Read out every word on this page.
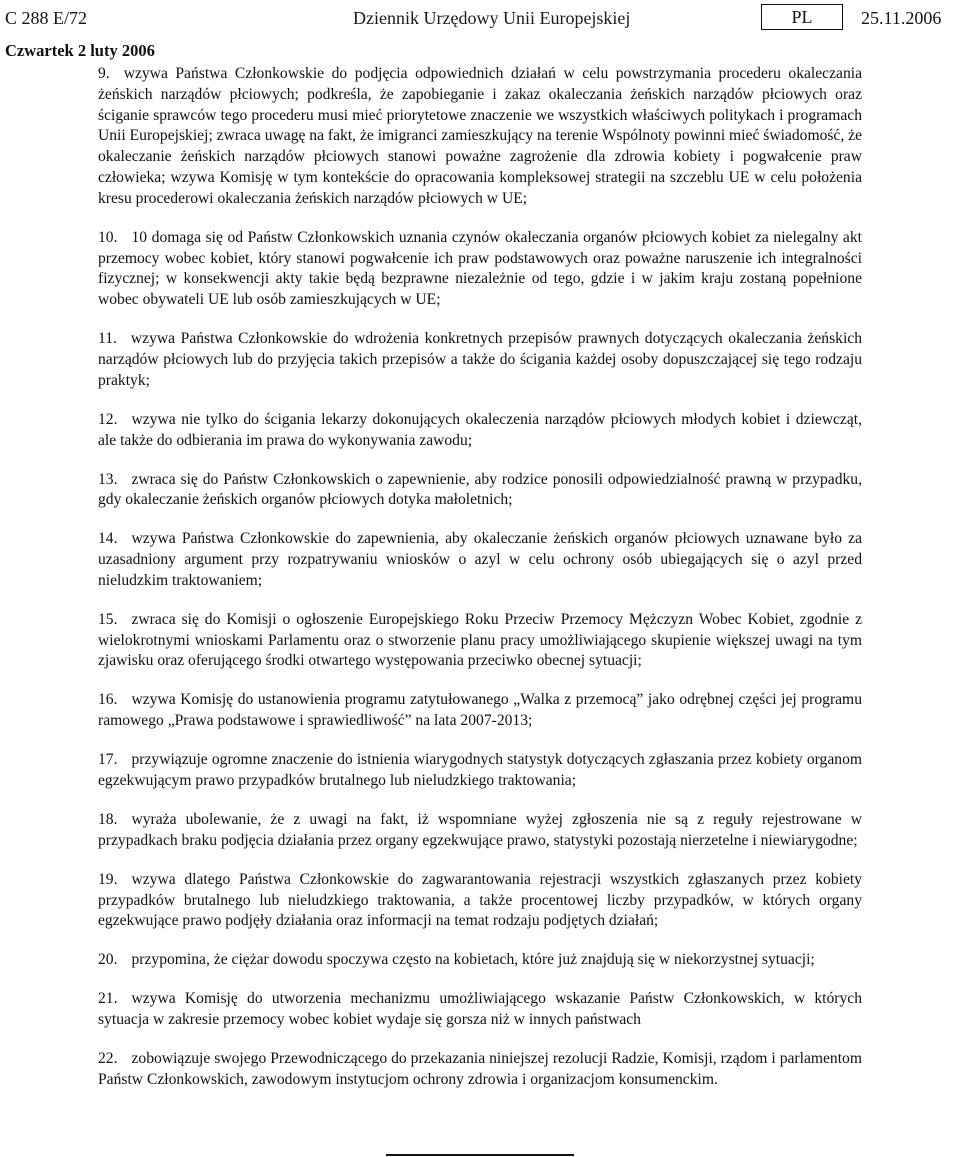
C 288 E/72	Dziennik Urzędowy Unii Europejskiej	PL	25.11.2006

Czwartek 2 luty 2006

9. wzywa Państwa Członkowskie do podjęcia odpowiednich działań w celu powstrzymania procederu okaleczania żeńskich narządów płciowych; podkreśla, że zapobieganie i zakaz okaleczania żeńskich narządów płciowych oraz ściganie sprawców tego procederu musi mieć priorytetowe znaczenie we wszystkich właściwych politykach i programach Unii Europejskiej; zwraca uwagę na fakt, że imigranci zamieszkujący na terenie Wspólnoty powinni mieć świadomość, że okaleczanie żeńskich narządów płciowych stanowi poważne zagrożenie dla zdrowia kobiety i pogwałcenie praw człowieka; wzywa Komisję w tym kontekście do opracowania kompleksowej strategii na szczeblu UE w celu położenia kresu procederowi okaleczania żeńskich narządów płciowych w UE;

10. 10 domaga się od Państw Członkowskich uznania czynów okaleczania organów płciowych kobiet za nielegalny akt przemocy wobec kobiet, który stanowi pogwałcenie ich praw podstawowych oraz poważne naruszenie ich integralności fizycznej; w konsekwencji akty takie będą bezprawne niezależnie od tego, gdzie i w jakim kraju zostaną popełnione wobec obywateli UE lub osób zamieszkujących w UE;

11. wzywa Państwa Członkowskie do wdrożenia konkretnych przepisów prawnych dotyczących okaleczania żeńskich narządów płciowych lub do przyjęcia takich przepisów a także do ścigania każdej osoby dopuszczającej się tego rodzaju praktyk;

12. wzywa nie tylko do ścigania lekarzy dokonujących okaleczenia narządów płciowych młodych kobiet i dziewcząt, ale także do odbierania im prawa do wykonywania zawodu;

13. zwraca się do Państw Członkowskich o zapewnienie, aby rodzice ponosili odpowiedzialność prawną w przypadku, gdy okaleczanie żeńskich organów płciowych dotyka małoletnich;

14. wzywa Państwa Członkowskie do zapewnienia, aby okaleczanie żeńskich organów płciowych uznawane było za uzasadniony argument przy rozpatrywaniu wniosków o azyl w celu ochrony osób ubiegających się o azyl przed nieludzkim traktowaniem;

15. zwraca się do Komisji o ogłoszenie Europejskiego Roku Przeciw Przemocy Mężczyzn Wobec Kobiet, zgodnie z wielokrotnymi wnioskami Parlamentu oraz o stworzenie planu pracy umożliwiającego skupienie większej uwagi na tym zjawisku oraz oferującego środki otwartego występowania przeciwko obecnej sytuacji;

16. wzywa Komisję do ustanowienia programu zatytułowanego „Walka z przemocą” jako odrębnej części jej programu ramowego „Prawa podstawowe i sprawiedliwość” na lata 2007-2013;

17. przywiązuje ogromne znaczenie do istnienia wiarygodnych statystyk dotyczących zgłaszania przez kobiety organom egzekwującym prawo przypadków brutalnego lub nieludzkiego traktowania;

18. wyraża ubolewanie, że z uwagi na fakt, iż wspomniane wyżej zgłoszenia nie są z reguły rejestrowane w przypadkach braku podjęcia działania przez organy egzekwujące prawo, statystyki pozostają nierzetelne i niewiarygodne;

19. wzywa dlatego Państwa Członkowskie do zagwarantowania rejestracji wszystkich zgłaszanych przez kobiety przypadków brutalnego lub nieludzkiego traktowania, a także procentowej liczby przypadków, w których organy egzekwujące prawo podjęły działania oraz informacji na temat rodzaju podjętych działań;

20. przypomina, że ciężar dowodu spoczywa często na kobietach, które już znajdują się w niekorzystnej sytuacji;

21. wzywa Komisję do utworzenia mechanizmu umożliwiającego wskazanie Państw Członkowskich, w których sytuacja w zakresie przemocy wobec kobiet wydaje się gorsza niż w innych państwach

22. zobowiązuje swojego Przewodniczącego do przekazania niniejszej rezolucji Radzie, Komisji, rządom i parlamentom Państw Członkowskich, zawodowym instytucjom ochrony zdrowia i organizacjom konsumenckim.
